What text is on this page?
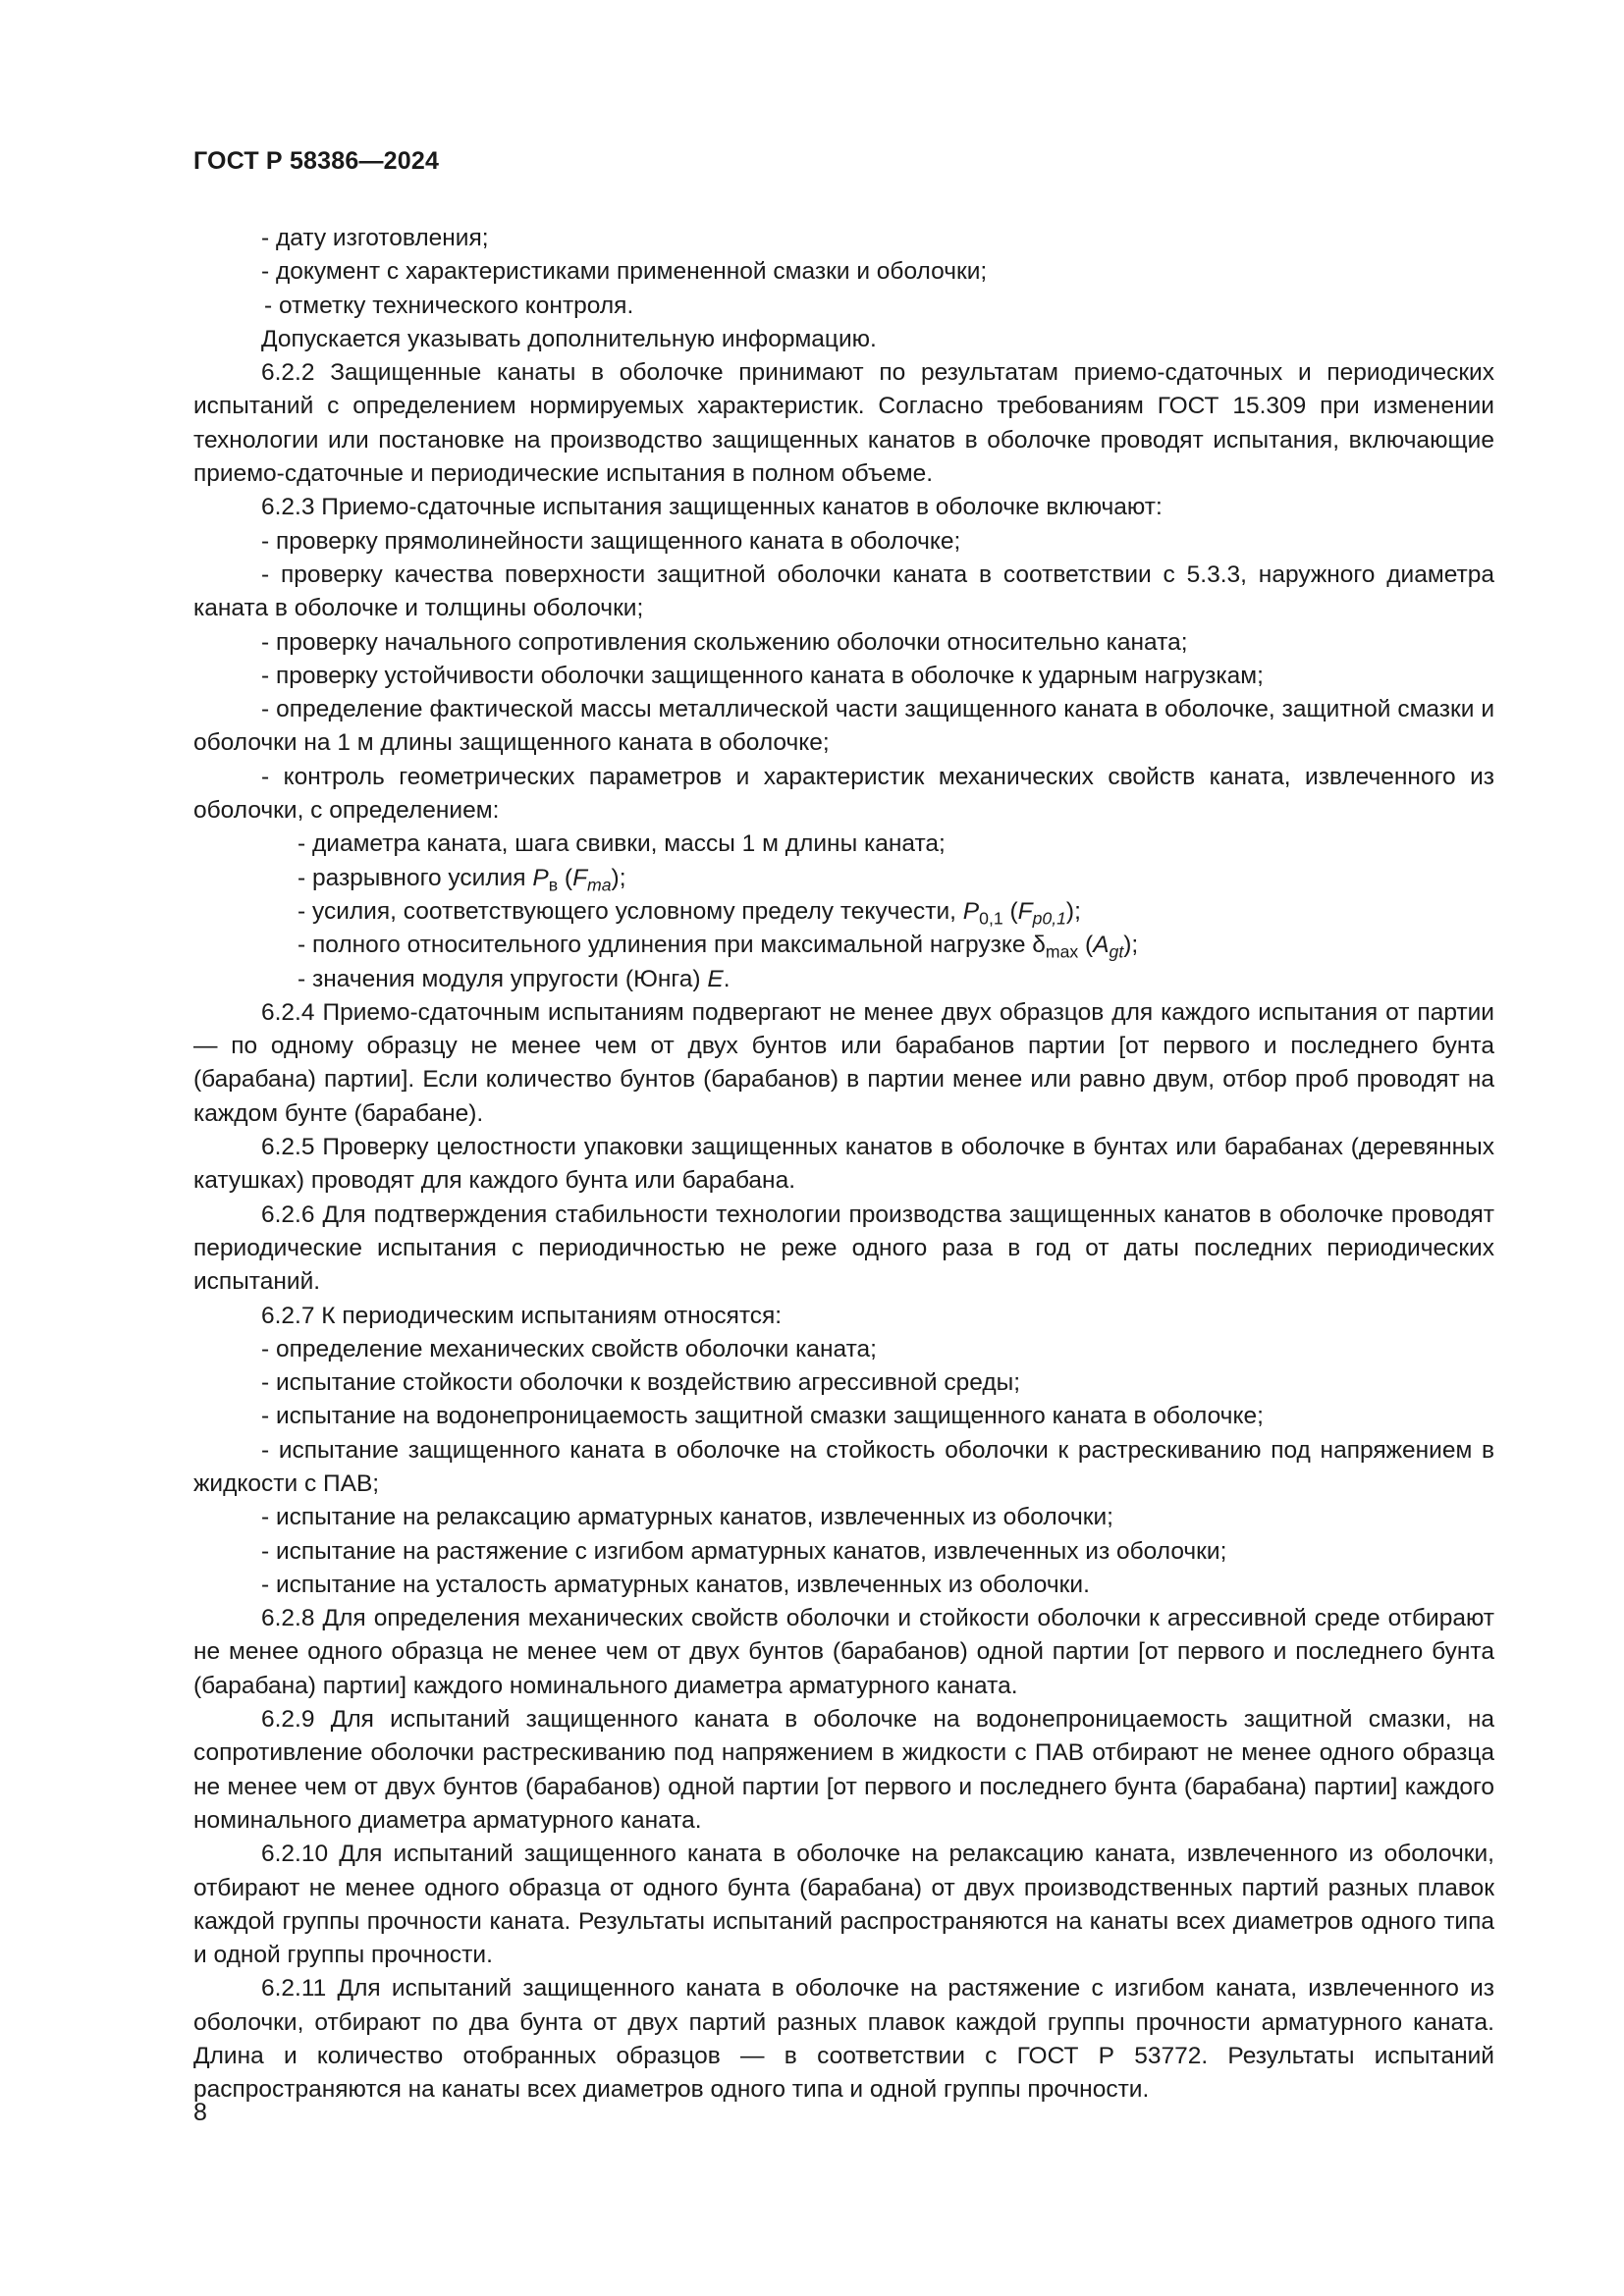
ГОСТ Р 58386—2024
- дату изготовления;
- документ с характеристиками примененной смазки и оболочки;
- отметку технического контроля.
Допускается указывать дополнительную информацию.
6.2.2 Защищенные канаты в оболочке принимают по результатам приемо-сдаточных и периодических испытаний с определением нормируемых характеристик. Согласно требованиям ГОСТ 15.309 при изменении технологии или постановке на производство защищенных канатов в оболочке проводят испытания, включающие приемо-сдаточные и периодические испытания в полном объеме.
6.2.3 Приемо-сдаточные испытания защищенных канатов в оболочке включают:
- проверку прямолинейности защищенного каната в оболочке;
- проверку качества поверхности защитной оболочки каната в соответствии с 5.3.3, наружного диаметра каната в оболочке и толщины оболочки;
- проверку начального сопротивления скольжению оболочки относительно каната;
- проверку устойчивости оболочки защищенного каната в оболочке к ударным нагрузкам;
- определение фактической массы металлической части защищенного каната в оболочке, защитной смазки и оболочки на 1 м длины защищенного каната в оболочке;
- контроль геометрических параметров и характеристик механических свойств каната, извлеченного из оболочки, с определением:
- диаметра каната, шага свивки, массы 1 м длины каната;
- разрывного усилия $P_в$ $(F_{ma})$;
- усилия, соответствующего условному пределу текучести, $P_{0,1}$ $(F_{p0,1})$;
- полного относительного удлинения при максимальной нагрузке $\delta_{max}$ $(A_{gt})$;
- значения модуля упругости (Юнга) E.
6.2.4 Приемо-сдаточным испытаниям подвергают не менее двух образцов для каждого испытания от партии — по одному образцу не менее чем от двух бунтов или барабанов партии [от первого и последнего бунта (барабана) партии]. Если количество бунтов (барабанов) в партии менее или равно двум, отбор проб проводят на каждом бунте (барабане).
6.2.5 Проверку целостности упаковки защищенных канатов в оболочке в бунтах или барабанах (деревянных катушках) проводят для каждого бунта или барабана.
6.2.6 Для подтверждения стабильности технологии производства защищенных канатов в оболочке проводят периодические испытания с периодичностью не реже одного раза в год от даты последних периодических испытаний.
6.2.7 К периодическим испытаниям относятся:
- определение механических свойств оболочки каната;
- испытание стойкости оболочки к воздействию агрессивной среды;
- испытание на водонепроницаемость защитной смазки защищенного каната в оболочке;
- испытание защищенного каната в оболочке на стойкость оболочки к растрескиванию под напряжением в жидкости с ПАВ;
- испытание на релаксацию арматурных канатов, извлеченных из оболочки;
- испытание на растяжение с изгибом арматурных канатов, извлеченных из оболочки;
- испытание на усталость арматурных канатов, извлеченных из оболочки.
6.2.8 Для определения механических свойств оболочки и стойкости оболочки к агрессивной среде отбирают не менее одного образца не менее чем от двух бунтов (барабанов) одной партии [от первого и последнего бунта (барабана) партии] каждого номинального диаметра арматурного каната.
6.2.9 Для испытаний защищенного каната в оболочке на водонепроницаемость защитной смазки, на сопротивление оболочки растрескиванию под напряжением в жидкости с ПАВ отбирают не менее одного образца не менее чем от двух бунтов (барабанов) одной партии [от первого и последнего бунта (барабана) партии] каждого номинального диаметра арматурного каната.
6.2.10 Для испытаний защищенного каната в оболочке на релаксацию каната, извлеченного из оболочки, отбирают не менее одного образца от одного бунта (барабана) от двух производственных партий разных плавок каждой группы прочности каната. Результаты испытаний распространяются на канаты всех диаметров одного типа и одной группы прочности.
6.2.11 Для испытаний защищенного каната в оболочке на растяжение с изгибом каната, извлеченного из оболочки, отбирают по два бунта от двух партий разных плавок каждой группы прочности арматурного каната. Длина и количество отобранных образцов — в соответствии с ГОСТ Р 53772. Результаты испытаний распространяются на канаты всех диаметров одного типа и одной группы прочности.
8
